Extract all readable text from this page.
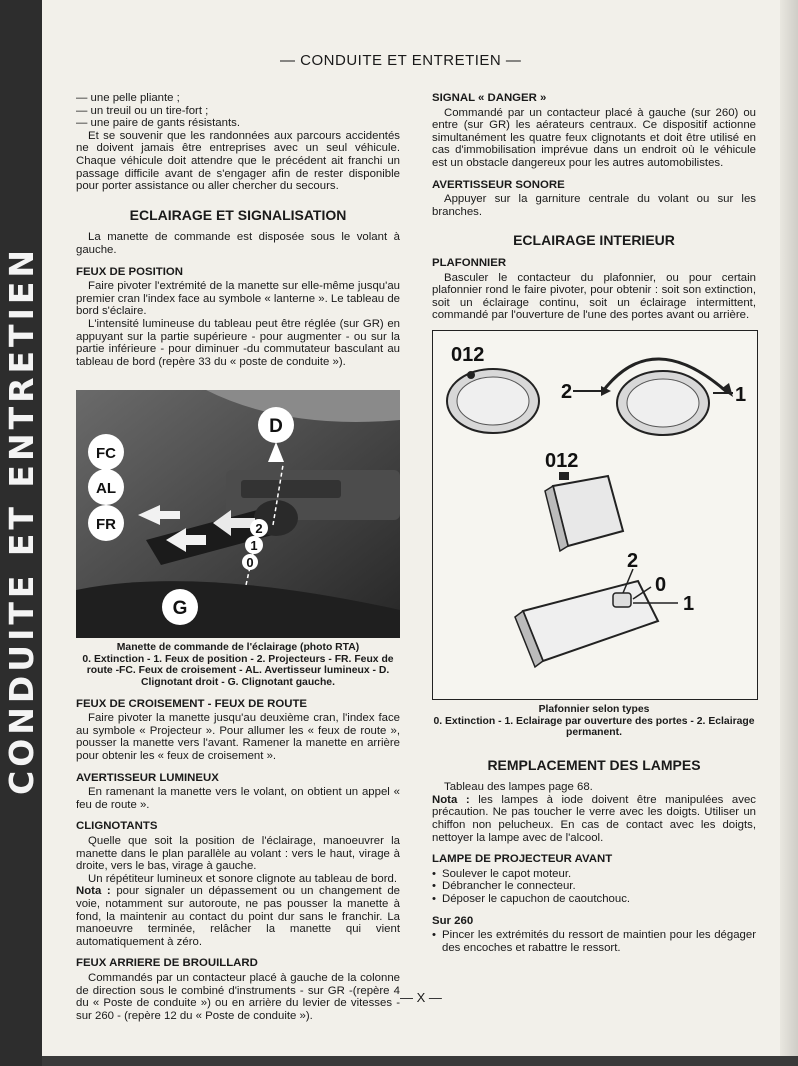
CONDUITE ET ENTRETIEN
— CONDUITE ET ENTRETIEN —

— une pelle pliante ;

— un treuil ou un tire-fort ;

— une paire de gants résistants.

Et se souvenir que les randonnées aux parcours accidentés ne doivent jamais être entreprises avec un seul véhicule. Chaque véhicule doit attendre que le précédent ait franchi un passage difficile avant de s'engager afin de rester disponible pour porter assistance ou aller chercher du secours.

ECLAIRAGE ET SIGNALISATION

La manette de commande est disposée sous le volant à gauche.

FEUX DE POSITION

Faire pivoter l'extrémité de la manette sur elle-même jusqu'au premier cran l'index face au symbole « lanterne ». Le tableau de bord s'éclaire.

L'intensité lumineuse du tableau peut être réglée (sur GR) en appuyant sur la partie supérieure - pour augmenter - ou sur la partie inférieure - pour diminuer -du commutateur basculant au tableau de bord (repère 33 du « poste de conduite »).

D
FC
AL
FR
G
2
1
0
Manette de commande de l'éclairage (photo RTA)
0. Extinction - 1. Feux de position - 2. Projecteurs - FR. Feux de route -FC. Feux de croisement - AL. Avertisseur lumineux - D. Clignotant droit - G. Clignotant gauche.
FEUX DE CROISEMENT - FEUX DE ROUTE

Faire pivoter la manette jusqu'au deuxième cran, l'index face au symbole « Projecteur ». Pour allumer les « feux de route », pousser la manette vers l'avant. Ramener la manette en arrière pour obtenir les « feux de croisement ».

AVERTISSEUR LUMINEUX

En ramenant la manette vers le volant, on obtient un appel « feu de route ».

CLIGNOTANTS

Quelle que soit la position de l'éclairage, manoeuvrer la manette dans le plan parallèle au volant : vers le haut, virage à droite, vers le bas, virage à gauche.

Un répétiteur lumineux et sonore clignote au tableau de bord.

Nota : pour signaler un dépassement ou un changement de voie, notamment sur autoroute, ne pas pousser la manette à fond, la maintenir au contact du point dur sans le franchir. La manoeuvre terminée, relâcher la manette qui vient automatiquement à zéro.

FEUX ARRIERE DE BROUILLARD

Commandés par un contacteur placé à gauche de la colonne de direction sous le combiné d'instruments - sur GR -(repère 4 du « Poste de conduite ») ou en arrière du levier de vitesses - sur 260 - (repère 12 du « Poste de conduite »).

SIGNAL « DANGER »

Commandé par un contacteur placé à gauche (sur 260) ou entre (sur GR) les aérateurs centraux. Ce dispositif actionne simultanément les quatre feux clignotants et doit être utilisé en cas d'immobilisation imprévue dans un endroit où le véhicule est un obstacle dangereux pour les autres automobilistes.

AVERTISSEUR SONORE

Appuyer sur la garniture centrale du volant ou sur les branches.

ECLAIRAGE INTERIEUR
PLAFONNIER

Basculer le contacteur du plafonnier, ou pour certain plafonnier rond le faire pivoter, pour obtenir : soit son extinction, soit un éclairage continu, soit un éclairage intermittent, commandé par l'ouverture de l'une des portes avant ou arrière.

012
2	1
012
2
0
1
Plafonnier selon types
0. Extinction - 1. Eclairage par ouverture des portes - 2. Eclairage permanent.
REMPLACEMENT DES LAMPES

Tableau des lampes page 68.

Nota : les lampes à iode doivent être manipulées avec précaution. Ne pas toucher le verre avec les doigts. Utiliser un chiffon non pelucheux. En cas de contact avec les doigts, nettoyer la lampe avec de l'alcool.

LAMPE DE PROJECTEUR AVANT

• Soulever le capot moteur.

• Débrancher le connecteur.

• Déposer le capuchon de caoutchouc.

Sur 260

• Pincer les extrémités du ressort de maintien pour les dégager des encoches et rabattre le ressort.

— X —
